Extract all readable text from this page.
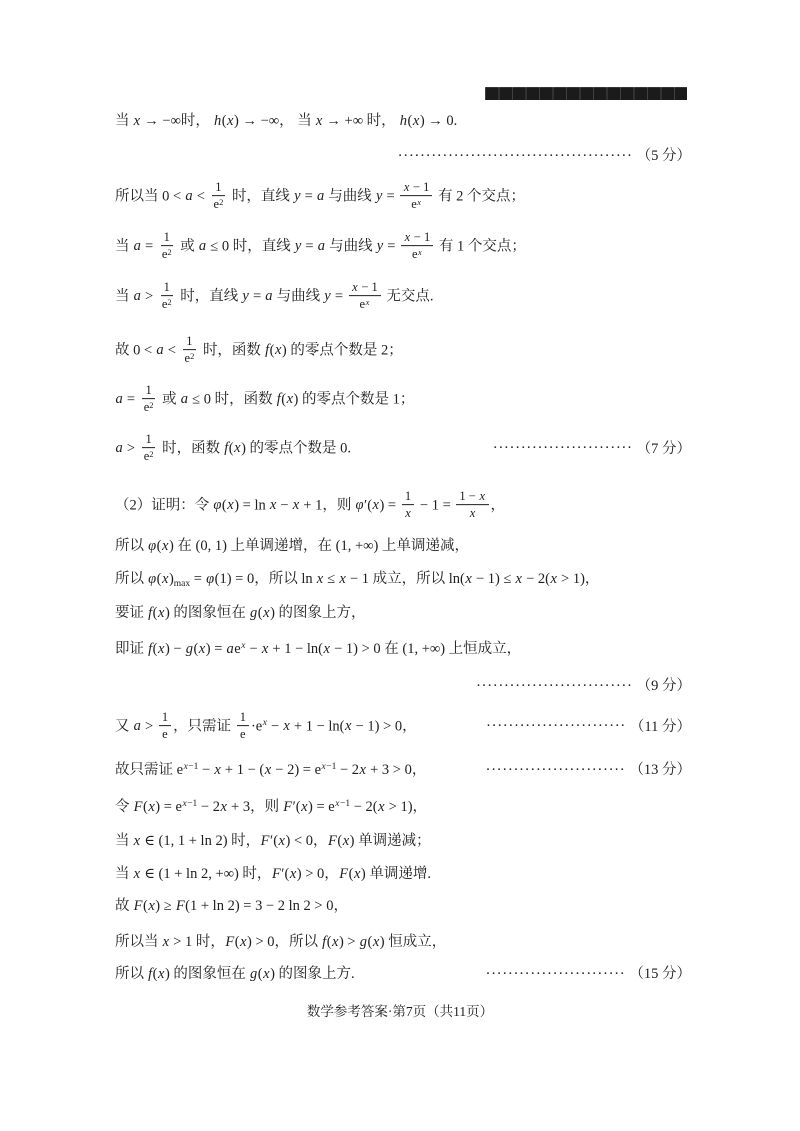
当 x → −∞时， h(x) → −∞， 当 x → +∞ 时， h(x) → 0.
·········································· （5 分）
所以当 $0 < a < \frac{1}{e^2}$ 时，直线 y = a 与曲线 $y = \frac{x - 1}{e^x}$ 有 2 个交点；
当 $a = \frac{1}{e^2}$ 或 a ≤ 0 时，直线 y = a 与曲线 $y = \frac{x - 1}{e^x}$ 有 1 个交点；
当 $a > \frac{1}{e^2}$ 时，直线 y = a 与曲线 $y = \frac{x - 1}{e^x}$ 无交点.
故 $0 < a < \frac{1}{e^2}$ 时，函数 f(x) 的零点个数是 2；
$a = \frac{1}{e^2}$ 或 a ≤ 0 时，函数 f(x) 的零点个数是 1；
$a > \frac{1}{e^2}$ 时，函数 f(x) 的零点个数是 0.	························· （7 分）
（2）证明：令 φ(x) = ln x − x + 1，则 $\varphi'(x) = \frac{1}{x} - 1 = \frac{1 - x}{x}$ ，
所以 φ(x) 在 (0, 1) 上单调递增，在 (1, +∞) 上单调递减，
所以 $\varphi(x)_{max} = \varphi(1) = 0$，所以 ln x ≤ x − 1 成立，所以 ln(x − 1) ≤ x − 2(x > 1)，
要证 f(x) 的图象恒在 g(x) 的图象上方，
即证 $f(x) - g(x) = ae^x - x + 1 - \ln(x - 1) > 0$ 在 (1, +∞) 上恒成立，
···························· （9 分）
又 $a > \frac{1}{e}$ ，只需证 $\frac{1}{e} \cdot e^x - x + 1 - \ln(x - 1) > 0$，	························· （11 分）
故只需证 $e^{x-1} - x + 1 - (x - 2) = e^{x-1} - 2x + 3 > 0$，	························· （13 分）
令 $F(x) = e^{x-1} - 2x + 3$，则 $F'(x) = e^{x-1} - 2(x > 1)$，
当 x ∈ (1, 1 + ln 2) 时，F′(x) < 0，F(x) 单调递减；
当 x ∈ (1 + ln 2, +∞) 时，F′(x) > 0，F(x) 单调递增.
故 F(x) ≥ F(1 + ln 2) = 3 − 2 ln 2 > 0，
所以当 x > 1 时，F(x) > 0，所以 f(x) > g(x) 恒成立，
所以 f(x) 的图象恒在 g(x) 的图象上方.	························· （15 分）
数学参考答案·第7页（共11页）
